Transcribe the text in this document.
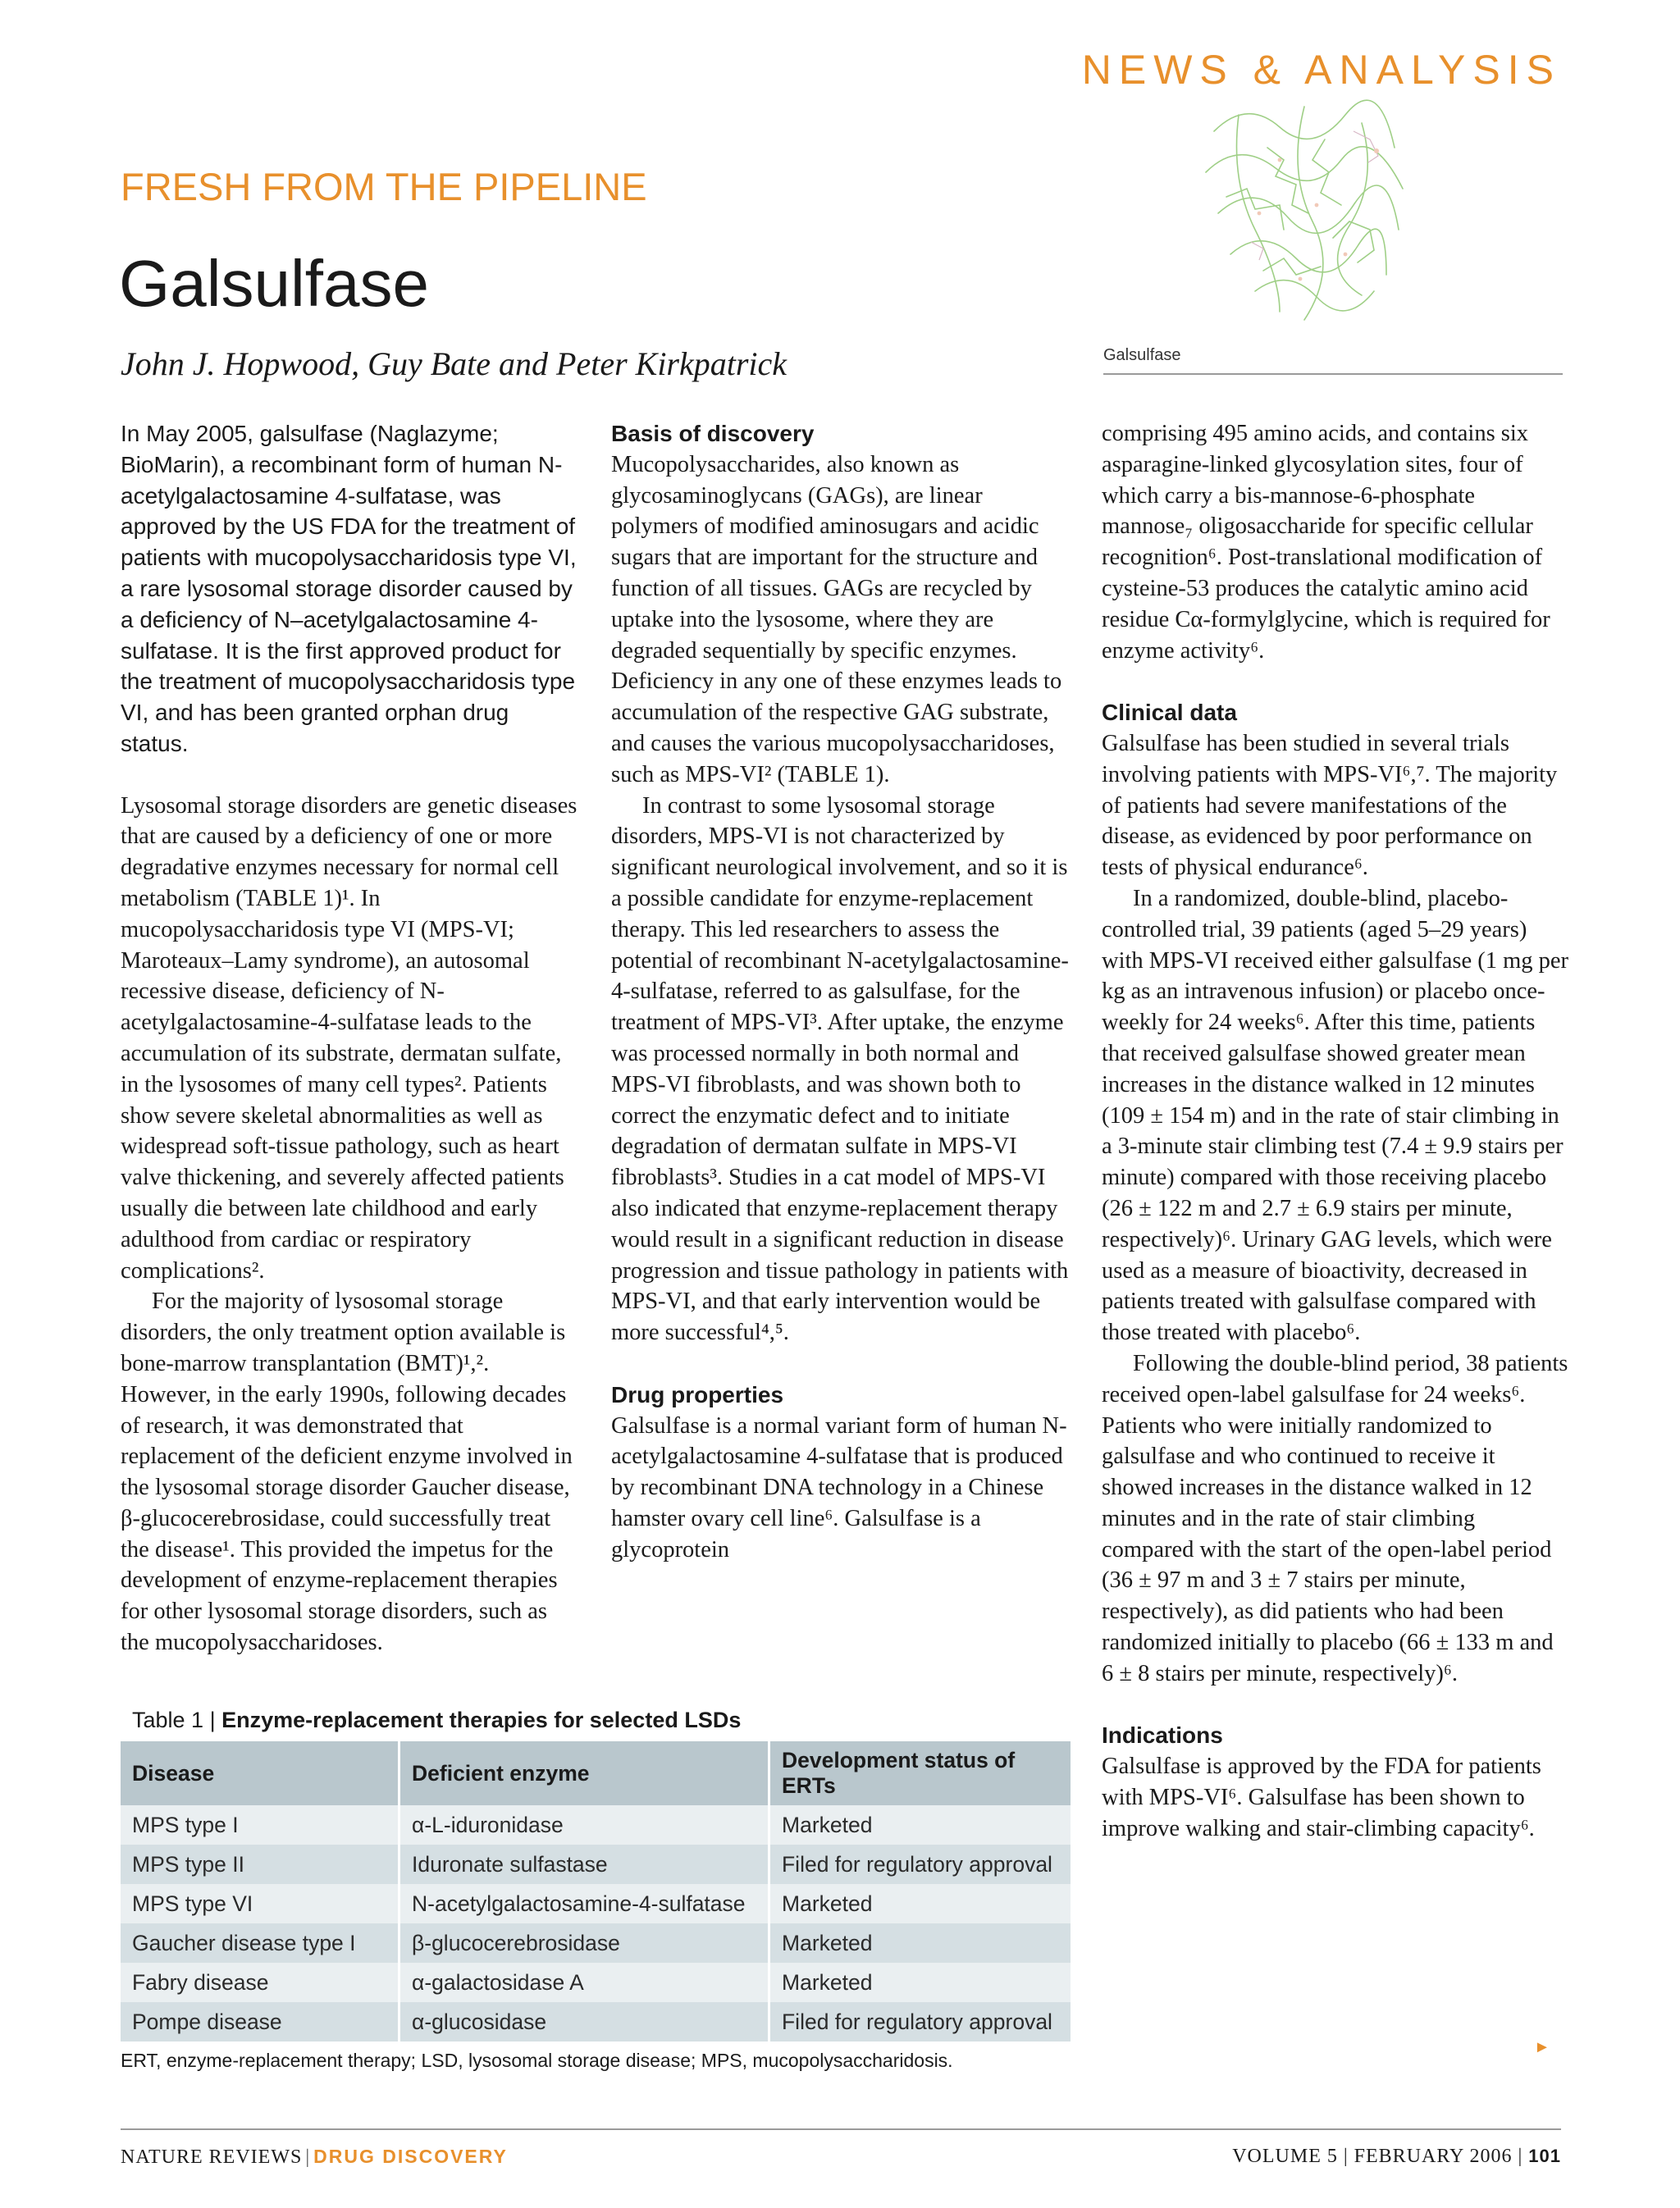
NEWS & ANALYSIS
FRESH FROM THE PIPELINE
Galsulfase
John J. Hopwood, Guy Bate and Peter Kirkpatrick	Galsulfase

In May 2005, galsulfase (Naglazyme; BioMarin), a recombinant form of human N-acetylgalactosamine 4-sulfatase, was approved by the US FDA for the treatment of patients with mucopolysaccharidosis type VI, a rare lysosomal storage disorder caused by a deficiency of N–acetylgalactosamine 4-sulfatase. It is the first approved product for the treatment of mucopolysaccharidosis type VI, and has been granted orphan drug status.

Lysosomal storage disorders are genetic diseases that are caused by a deficiency of one or more degradative enzymes necessary for normal cell metabolism (TABLE 1)¹. In mucopolysaccharidosis type VI (MPS-VI; Maroteaux–Lamy syndrome), an autosomal recessive disease, deficiency of N-acetylgalactosamine-4-sulfatase leads to the accumulation of its substrate, dermatan sulfate, in the lysosomes of many cell types². Patients show severe skeletal abnormalities as well as widespread soft-tissue pathology, such as heart valve thickening, and severely affected patients usually die between late childhood and early adulthood from cardiac or respiratory complications².

For the majority of lysosomal storage disorders, the only treatment option available is bone-marrow transplantation (BMT)¹,². However, in the early 1990s, following decades of research, it was demonstrated that replacement of the deficient enzyme involved in the lysosomal storage disorder Gaucher disease, β-glucocerebrosidase, could successfully treat the disease¹. This provided the impetus for the development of enzyme-replacement therapies for other lysosomal storage disorders, such as the mucopolysaccharidoses.

Basis of discovery

Mucopolysaccharides, also known as glycosaminoglycans (GAGs), are linear polymers of modified aminosugars and acidic sugars that are important for the structure and function of all tissues. GAGs are recycled by uptake into the lysosome, where they are degraded sequentially by specific enzymes. Deficiency in any one of these enzymes leads to accumulation of the respective GAG substrate, and causes the various mucopolysaccharidoses, such as MPS-VI² (TABLE 1).

In contrast to some lysosomal storage disorders, MPS-VI is not characterized by significant neurological involvement, and so it is a possible candidate for enzyme-replacement therapy. This led researchers to assess the potential of recombinant N-acetylgalactosamine-4-sulfatase, referred to as galsulfase, for the treatment of MPS-VI³. After uptake, the enzyme was processed normally in both normal and MPS-VI fibroblasts, and was shown both to correct the enzymatic defect and to initiate degradation of dermatan sulfate in MPS-VI fibroblasts³. Studies in a cat model of MPS-VI also indicated that enzyme-replacement therapy would result in a significant reduction in disease progression and tissue pathology in patients with MPS-VI, and that early intervention would be more successful⁴,⁵.

Drug properties

Galsulfase is a normal variant form of human N-acetylgalactosamine 4-sulfatase that is produced by recombinant DNA technology in a Chinese hamster ovary cell line⁶. Galsulfase is a glycoprotein

comprising 495 amino acids, and contains six asparagine-linked glycosylation sites, four of which carry a bis-mannose-6-phosphate mannose₇ oligosaccharide for specific cellular recognition⁶. Post-translational modification of cysteine-53 produces the catalytic amino acid residue Cα-formylglycine, which is required for enzyme activity⁶.

Clinical data

Galsulfase has been studied in several trials involving patients with MPS-VI⁶,⁷. The majority of patients had severe manifestations of the disease, as evidenced by poor performance on tests of physical endurance⁶.

In a randomized, double-blind, placebo-controlled trial, 39 patients (aged 5–29 years) with MPS-VI received either galsulfase (1 mg per kg as an intravenous infusion) or placebo once-weekly for 24 weeks⁶. After this time, patients that received galsulfase showed greater mean increases in the distance walked in 12 minutes (109 ± 154 m) and in the rate of stair climbing in a 3-minute stair climbing test (7.4 ± 9.9 stairs per minute) compared with those receiving placebo (26 ± 122 m and 2.7 ± 6.9 stairs per minute, respectively)⁶. Urinary GAG levels, which were used as a measure of bioactivity, decreased in patients treated with galsulfase compared with those treated with placebo⁶.

Following the double-blind period, 38 patients received open-label galsulfase for 24 weeks⁶. Patients who were initially randomized to galsulfase and who continued to receive it showed increases in the distance walked in 12 minutes and in the rate of stair climbing compared with the start of the open-label period (36 ± 97 m and 3 ± 7 stairs per minute, respectively), as did patients who had been randomized initially to placebo (66 ± 133 m and 6 ± 8 stairs per minute, respectively)⁶.

Indications

Galsulfase is approved by the FDA for patients with MPS-VI⁶. Galsulfase has been shown to improve walking and stair-climbing capacity⁶.

Table 1 | Enzyme-replacement therapies for selected LSDs
Disease	Deficient enzyme	Development status of ERTs
MPS type I	α-L-iduronidase	Marketed
MPS type II	Iduronate sulfastase	Filed for regulatory approval
MPS type VI	N-acetylgalactosamine-4-sulfatase	Marketed
Gaucher disease type I	β-glucocerebrosidase	Marketed
Fabry disease	α-galactosidase A	Marketed
Pompe disease	α-glucosidase	Filed for regulatory approval
ERT, enzyme-replacement therapy; LSD, lysosomal storage disease; MPS, mucopolysaccharidosis.
►
NATURE REVIEWS | DRUG DISCOVERY	VOLUME 5 | FEBRUARY 2006 | 101
